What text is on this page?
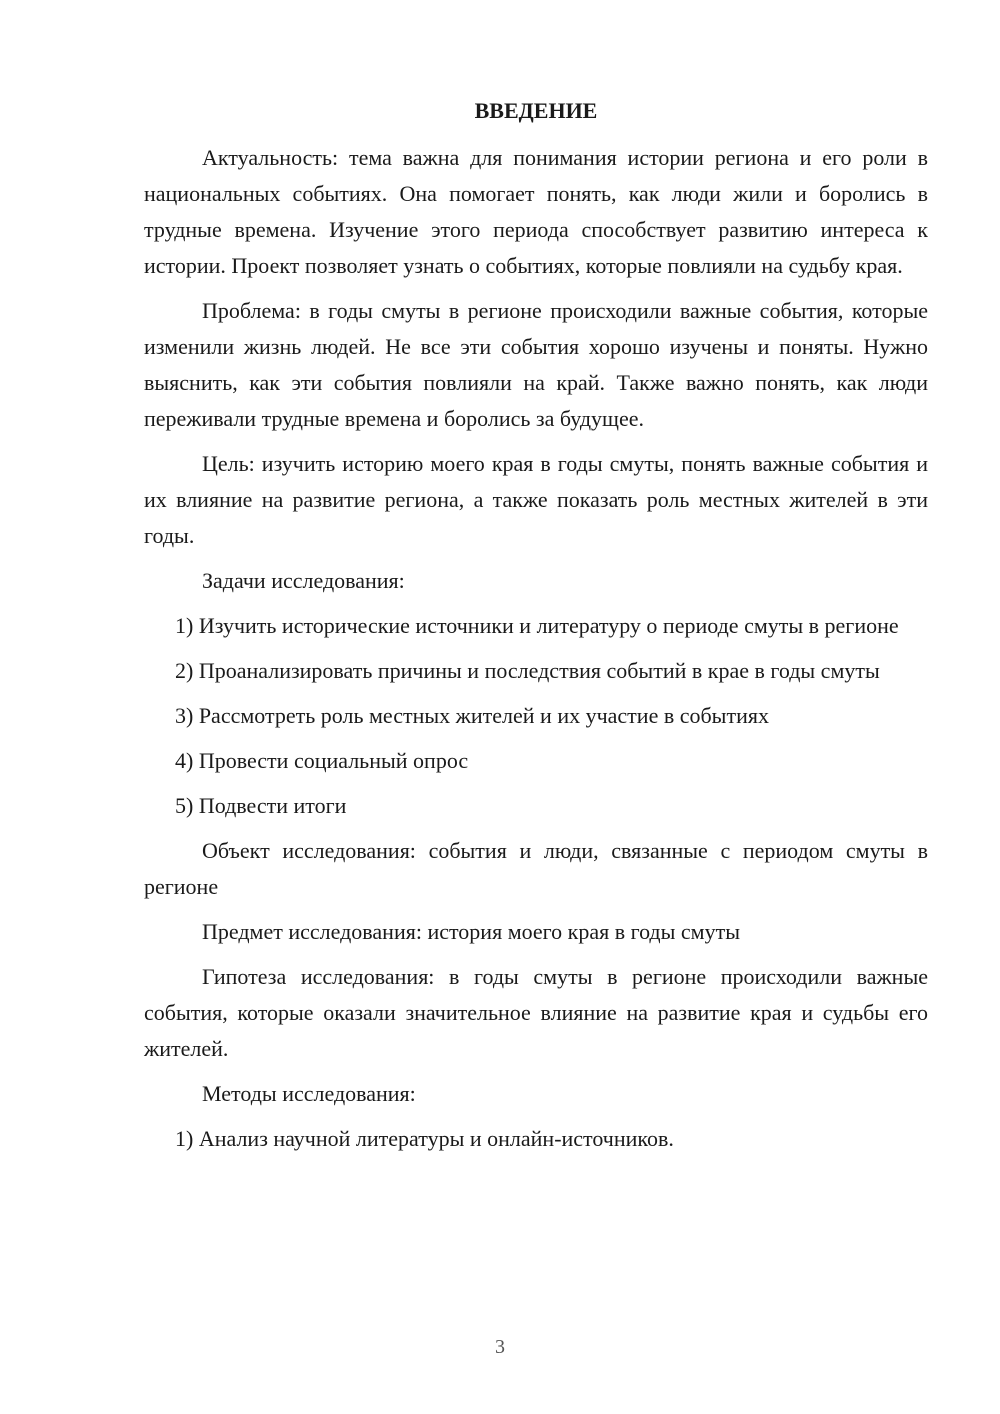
ВВЕДЕНИЕ

Актуальность: тема важна для понимания истории региона и его роли в национальных событиях. Она помогает понять, как люди жили и боролись в трудные времена. Изучение этого периода способствует развитию интереса к истории. Проект позволяет узнать о событиях, которые повлияли на судьбу края.

Проблема: в годы смуты в регионе происходили важные события, которые изменили жизнь людей. Не все эти события хорошо изучены и поняты. Нужно выяснить, как эти события повлияли на край. Также важно понять, как люди переживали трудные времена и боролись за будущее.

Цель: изучить историю моего края в годы смуты, понять важные события и их влияние на развитие региона, а также показать роль местных жителей в эти годы.

Задачи исследования:

1) Изучить исторические источники и литературу о периоде смуты в регионе

2) Проанализировать причины и последствия событий в крае в годы смуты

3) Рассмотреть роль местных жителей и их участие в событиях

4) Провести социальный опрос

5) Подвести итоги

Объект исследования: события и люди, связанные с периодом смуты в регионе

Предмет исследования: история моего края в годы смуты

Гипотеза исследования: в годы смуты в регионе происходили важные события, которые оказали значительное влияние на развитие края и судьбы его жителей.

Методы исследования:

1) Анализ научной литературы и онлайн-источников.

3
